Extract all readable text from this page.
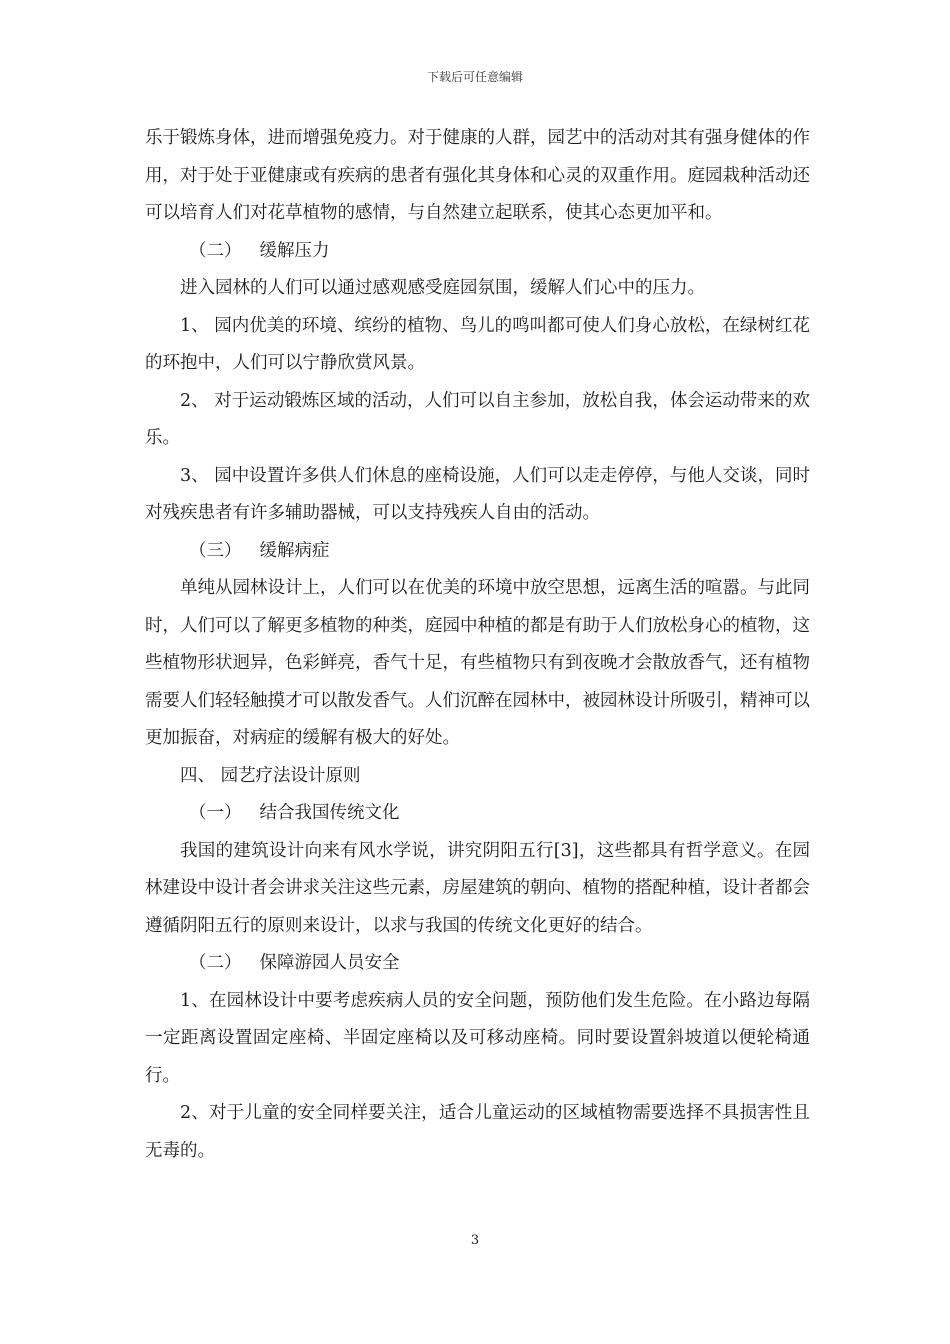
下载后可任意编辑

乐于锻炼身体，进而增强免疫力。对于健康的人群，园艺中的活动对其有强身健体的作用，对于处于亚健康或有疾病的患者有强化其身体和心灵的双重作用。庭园栽种活动还可以培育人们对花草植物的感情，与自然建立起联系，使其心态更加平和。

（二） 缓解压力

进入园林的人们可以通过感观感受庭园氛围，缓解人们心中的压力。

1、 园内优美的环境、缤纷的植物、鸟儿的鸣叫都可使人们身心放松，在绿树红花的环抱中，人们可以宁静欣赏风景。

2、 对于运动锻炼区域的活动，人们可以自主参加，放松自我，体会运动带来的欢乐。

3、 园中设置许多供人们休息的座椅设施，人们可以走走停停，与他人交谈，同时对残疾患者有许多辅助器械，可以支持残疾人自由的活动。

（三） 缓解病症

单纯从园林设计上，人们可以在优美的环境中放空思想，远离生活的喧嚣。与此同时，人们可以了解更多植物的种类，庭园中种植的都是有助于人们放松身心的植物，这些植物形状迥异，色彩鲜亮，香气十足，有些植物只有到夜晚才会散放香气，还有植物需要人们轻轻触摸才可以散发香气。人们沉醉在园林中，被园林设计所吸引，精神可以更加振奋，对病症的缓解有极大的好处。

四、 园艺疗法设计原则

（一） 结合我国传统文化

我国的建筑设计向来有风水学说，讲究阴阳五行[3]，这些都具有哲学意义。在园林建设中设计者会讲求关注这些元素，房屋建筑的朝向、植物的搭配种植，设计者都会遵循阴阳五行的原则来设计，以求与我国的传统文化更好的结合。

（二） 保障游园人员安全

1、在园林设计中要考虑疾病人员的安全问题，预防他们发生危险。在小路边每隔一定距离设置固定座椅、半固定座椅以及可移动座椅。同时要设置斜坡道以便轮椅通行。

2、对于儿童的安全同样要关注，适合儿童运动的区域植物需要选择不具损害性且无毒的。

3
